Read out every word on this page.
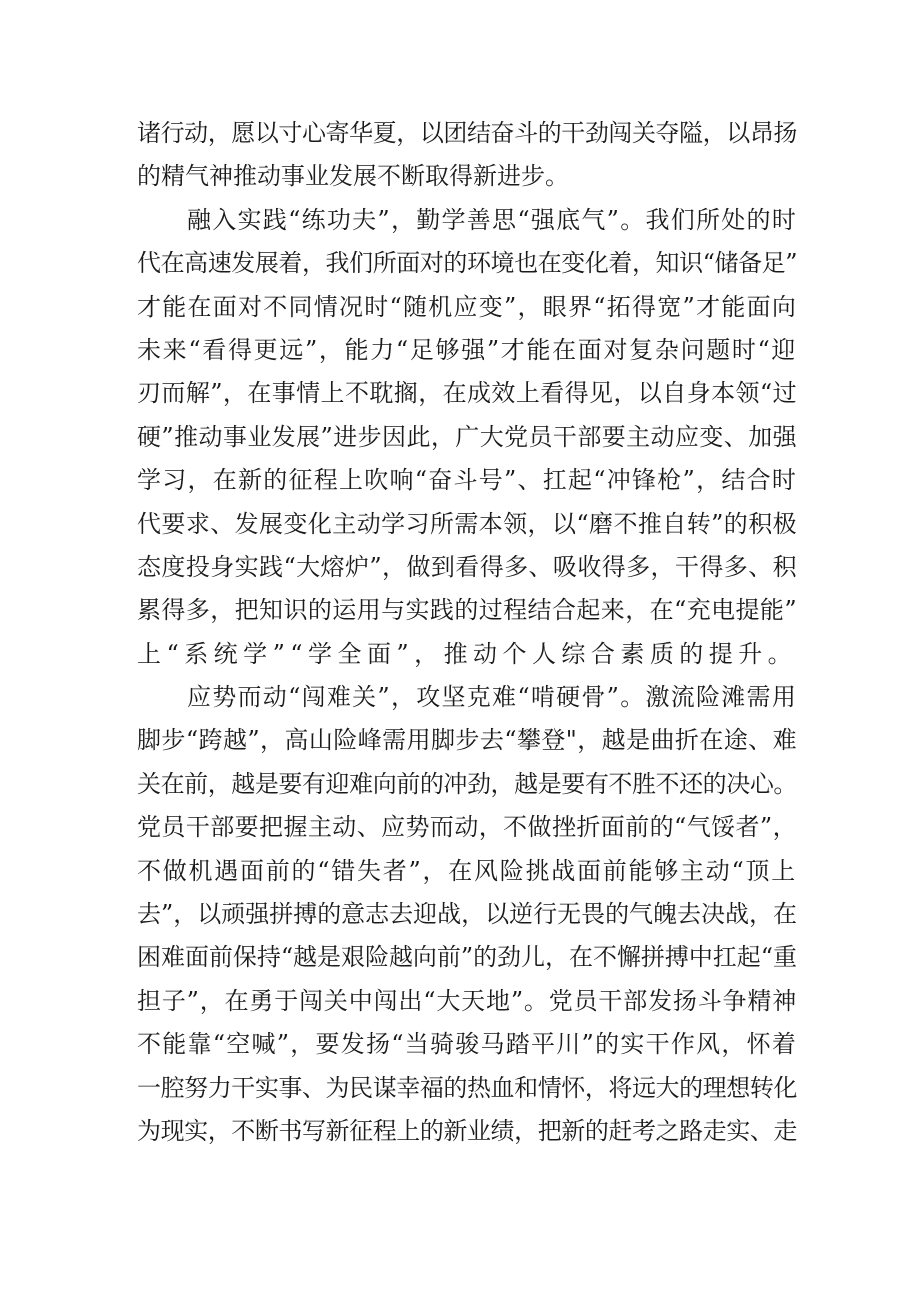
诸行动，愿以寸心寄华夏，以团结奋斗的干劲闯关夺隘，以昂扬
的精气神推动事业发展不断取得新进步。
融入实践“练功夫”，勤学善思“强底气”。我们所处的时
代在高速发展着，我们所面对的环境也在变化着，知识“储备足”
才能在面对不同情况时“随机应变”，眼界“拓得宽”才能面向
未来“看得更远”，能力“足够强”才能在面对复杂问题时“迎
刃而解”，在事情上不耽搁，在成效上看得见，以自身本领“过
硬”推动事业发展”进步因此，广大党员干部要主动应变、加强
学习，在新的征程上吹响“奋斗号”、扛起“冲锋枪”，结合时
代要求、发展变化主动学习所需本领，以“磨不推自转”的积极
态度投身实践“大熔炉”，做到看得多、吸收得多，干得多、积
累得多，把知识的运用与实践的过程结合起来，在“充电提能”
上“系统学”“学全面”，推动个人综合素质的提升。
应势而动“闯难关”，攻坚克难“啃硬骨”。激流险滩需用
脚步“跨越”，高山险峰需用脚步去“攀登"，越是曲折在途、难
关在前，越是要有迎难向前的冲劲，越是要有不胜不还的决心。
党员干部要把握主动、应势而动，不做挫折面前的“气馁者”，
不做机遇面前的“错失者”，在风险挑战面前能够主动“顶上
去”，以顽强拼搏的意志去迎战，以逆行无畏的气魄去决战，在
困难面前保持“越是艰险越向前”的劲儿，在不懈拼搏中扛起“重
担子”，在勇于闯关中闯出“大天地”。党员干部发扬斗争精神
不能靠“空喊”，要发扬“当骑骏马踏平川”的实干作风，怀着
一腔努力干实事、为民谋幸福的热血和情怀，将远大的理想转化
为现实，不断书写新征程上的新业绩，把新的赶考之路走实、走
